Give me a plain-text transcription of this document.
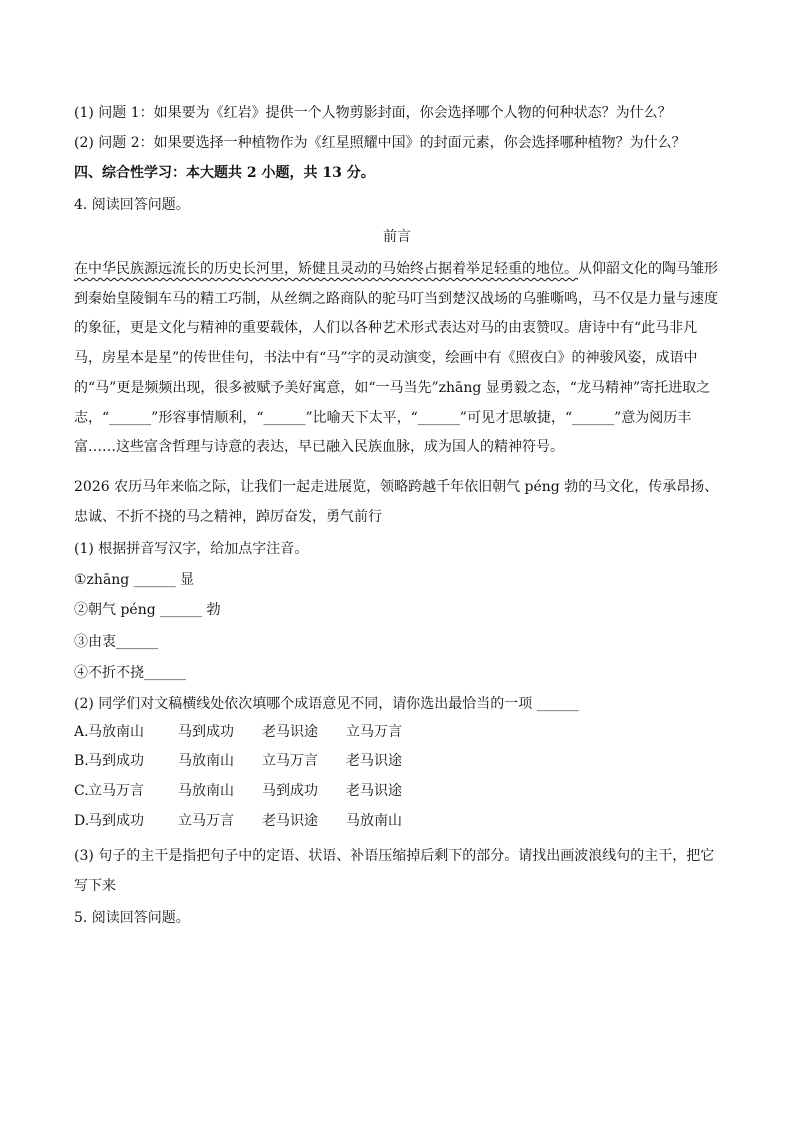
(1) 问题 1：如果要为《红岩》提供一个人物剪影封面，你会选择哪个人物的何种状态？为什么？
(2) 问题 2：如果要选择一种植物作为《红星照耀中国》的封面元素，你会选择哪种植物？为什么？
四、综合性学习：本大题共 2 小题，共 13 分。
4. 阅读回答问题。
前言
在中华民族源远流长的历史长河里，矫健且灵动的马始终占据着举足轻重的地位。从仰韶文化的陶马雏形到秦始皇陵铜车马的精工巧制，从丝绸之路商队的驼马叮当到楚汉战场的乌骓嘶鸣，马不仅是力量与速度的象征，更是文化与精神的重要载体，人们以各种艺术形式表达对马的由衷赞叹。唐诗中有“此马非凡马，房星本是星”的传世佳句，书法中有“马”字的灵动演变，绘画中有《照夜白》的神骏风姿，成语中的“马”更是频频出现，很多被赋予美好寓意，如“一马当先”zhāng 显勇毅之态，“龙马精神”寄托进取之志，“______”形容事情顺利，“______”比喻天下太平，“______”可见才思敏捷，“______”意为阅历丰富……这些富含哲理与诗意的表达，早已融入民族血脉，成为国人的精神符号。
2026 农历马年来临之际，让我们一起走进展览，领略跨越千年依旧朝气 péng 勃的马文化，传承昂扬、忠诚、不折不挠的马之精神，踔厉奋发，勇气前行
(1) 根据拼音写汉字，给加点字注音。
①zhāng ______ 显
②朝气 péng ______ 勃
③由衷______
④不折不挠______
(2) 同学们对文稿横线处依次填哪个成语意见不同，请你选出最恰当的一项 ______
A. 马放南山 马到成功 老马识途 立马万言
B. 马到成功 马放南山 立马万言 老马识途
C. 立马万言 马放南山 马到成功 老马识途
D.
马到成功 立马万言 老马识途 马放南山
(3) 句子的主干是指把句子中的定语、状语、补语压缩掉后剩下的部分。请找出画波浪线句的主干，把它写下来
5. 阅读回答问题。
